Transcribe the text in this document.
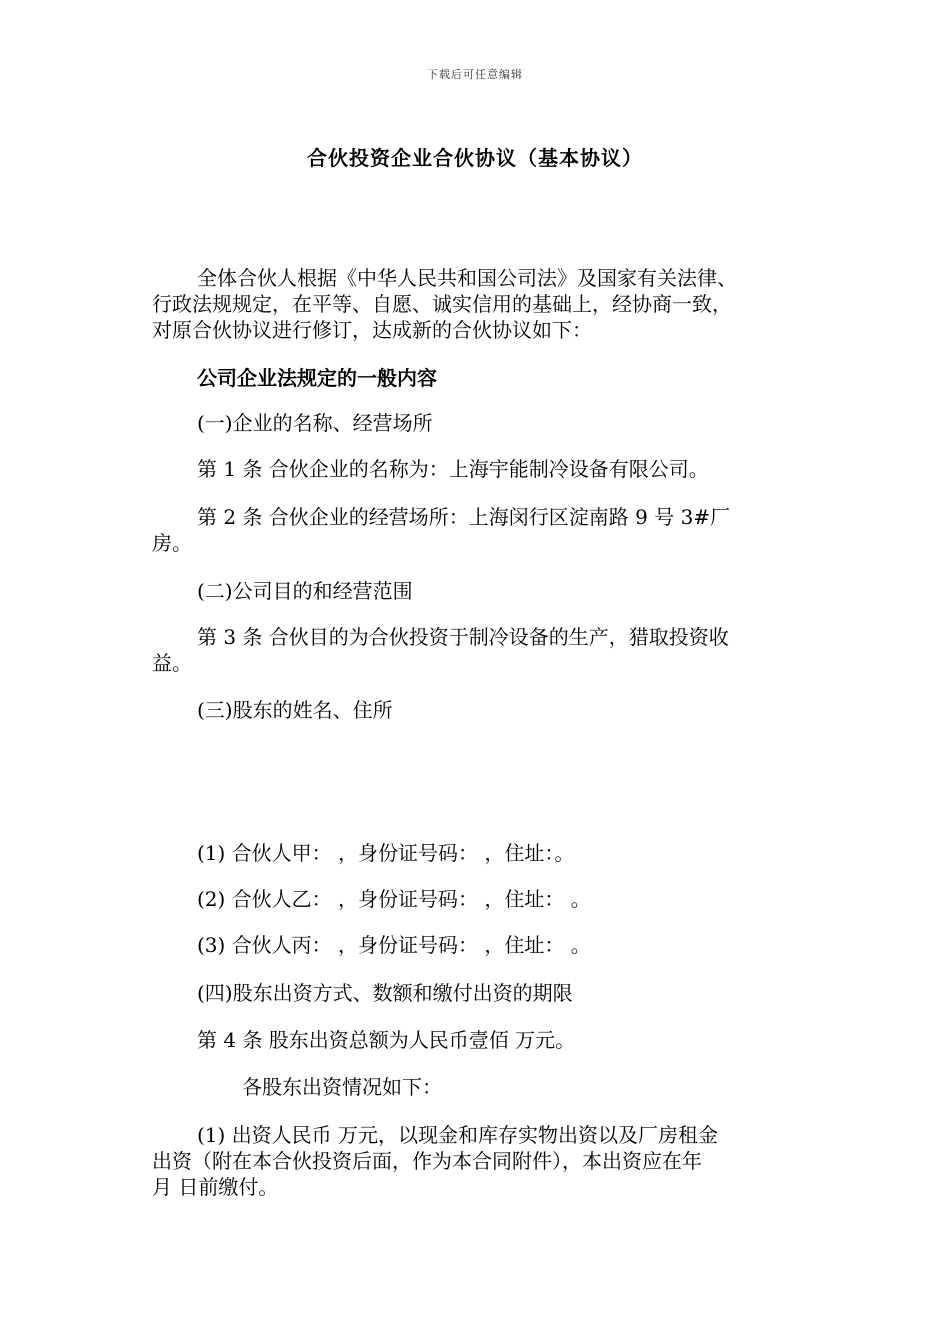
下载后可任意编辑
合伙投资企业合伙协议（基本协议）
全体合伙人根据《中华人民共和国公司法》及国家有关法律、
行政法规规定，在平等、自愿、诚实信用的基础上，经协商一致，
对原合伙协议进行修订，达成新的合伙协议如下：
公司企业法规定的一般内容
(一)企业的名称、经营场所
第 1 条 合伙企业的名称为：上海宇能制冷设备有限公司。
第 2 条 合伙企业的经营场所：上海闵行区淀南路 9 号 3#厂
房。
(二)公司目的和经营范围
第 3 条 合伙目的为合伙投资于制冷设备的生产，猎取投资收
益。
(三)股东的姓名、住所
(1) 合伙人甲： ，身份证号码： ，住址：。
(2) 合伙人乙： ，身份证号码： ，住址： 。
(3) 合伙人丙： ，身份证号码： ，住址： 。
(四)股东出资方式、数额和缴付出资的期限
第 4 条 股东出资总额为人民币壹佰 万元。
各股东出资情况如下：
(1) 出资人民币 万元，以现金和库存实物出资以及厂房租金
出资（附在本合伙投资后面，作为本合同附件），本出资应在年
月 日前缴付。
